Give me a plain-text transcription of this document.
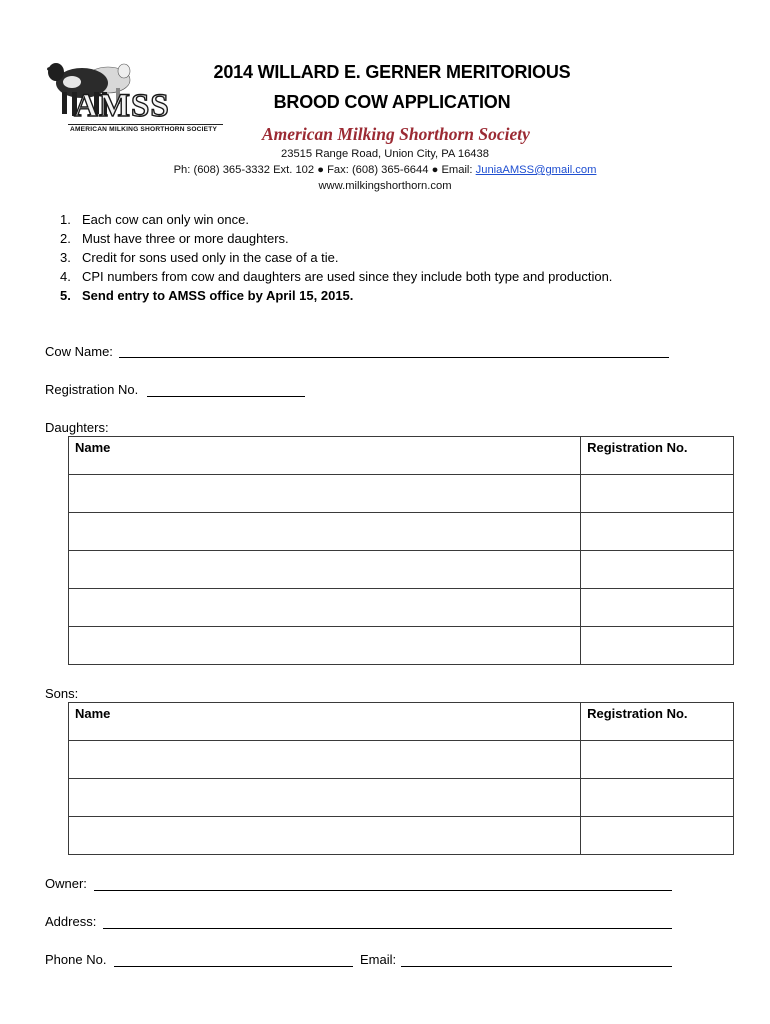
AMSS
AMERICAN MILKING SHORTHORN SOCIETY
2014 WILLARD E. GERNER MERITORIOUS
BROOD COW APPLICATION
American Milking Shorthorn Society
23515 Range Road, Union City, PA 16438
Ph: (608) 365-3332 Ext. 102 ● Fax: (608) 365-6644 ● Email: JuniaAMSS@gmail.com
www.milkingshorthorn.com
1. Each cow can only win once.
2. Must have three or more daughters.
3. Credit for sons used only in the case of a tie.
4. CPI numbers from cow and daughters are used since they include both type and production.
5. Send entry to AMSS office by April 15, 2015.
Cow Name:
Registration No.
Daughters:
Name	Registration No.

Sons:
Name	Registration No.

Owner:
Address:
Phone No.	Email:
